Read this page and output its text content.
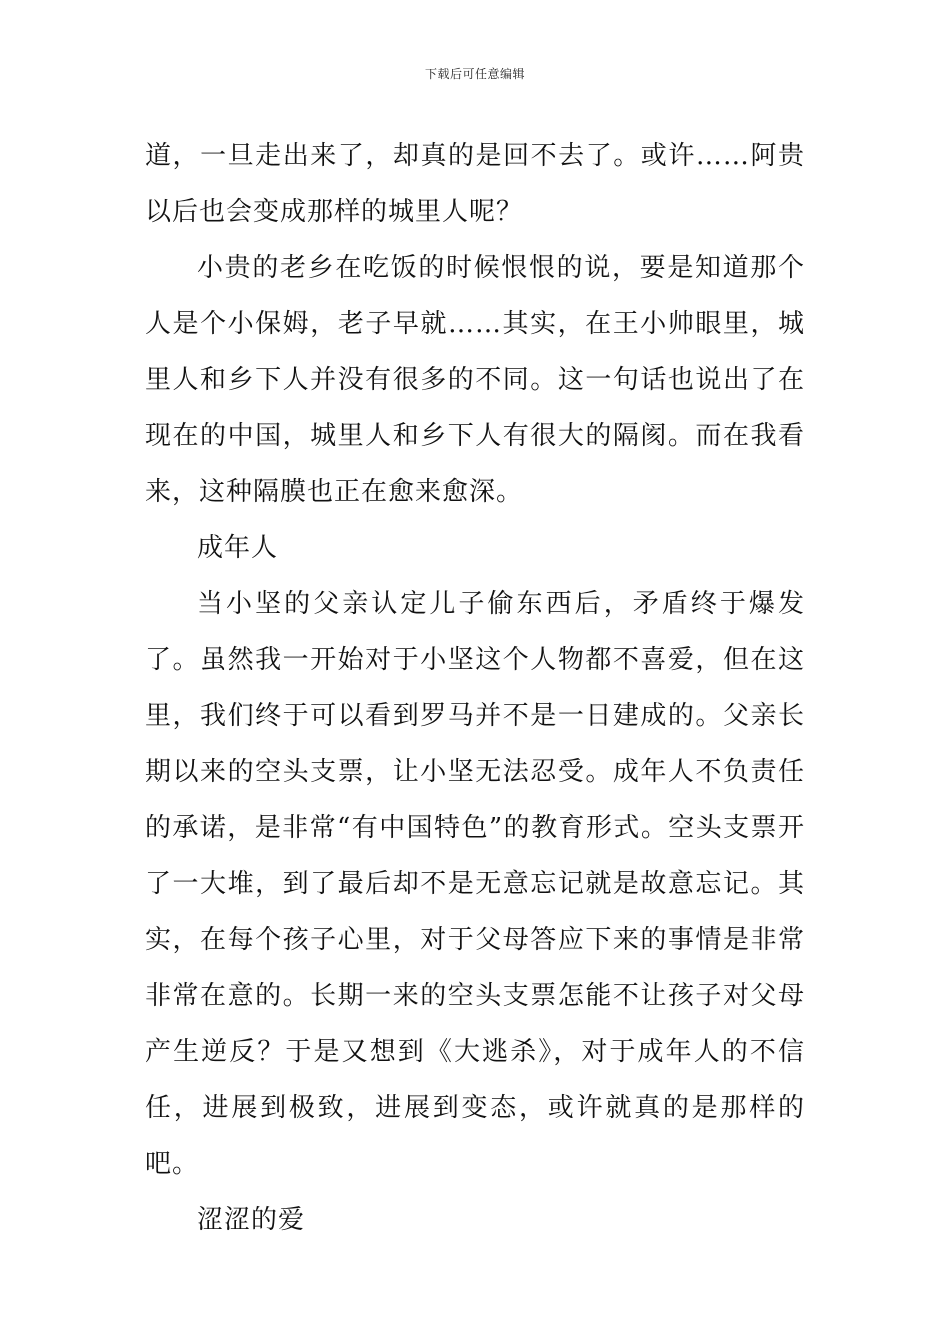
下载后可任意编辑

道，一旦走出来了，却真的是回不去了。或许……阿贵以后也会变成那样的城里人呢？

小贵的老乡在吃饭的时候恨恨的说，要是知道那个人是个小保姆，老子早就……其实，在王小帅眼里，城里人和乡下人并没有很多的不同。这一句话也说出了在现在的中国，城里人和乡下人有很大的隔阂。而在我看来，这种隔膜也正在愈来愈深。

成年人

当小坚的父亲认定儿子偷东西后，矛盾终于爆发了。虽然我一开始对于小坚这个人物都不喜爱，但在这里，我们终于可以看到罗马并不是一日建成的。父亲长期以来的空头支票，让小坚无法忍受。成年人不负责任的承诺，是非常“有中国特色”的教育形式。空头支票开了一大堆，到了最后却不是无意忘记就是故意忘记。其实，在每个孩子心里，对于父母答应下来的事情是非常非常在意的。长期一来的空头支票怎能不让孩子对父母产生逆反？于是又想到《大逃杀》，对于成年人的不信任，进展到极致，进展到变态，或许就真的是那样的吧。

涩涩的爱
